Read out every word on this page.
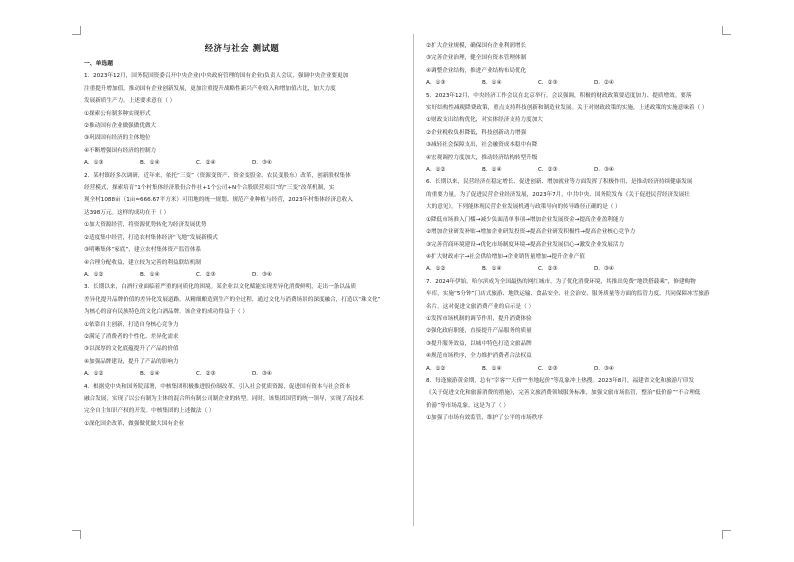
经济与社会 测试题
一、单选题
1．2023年12月，国务院国资委召开中央企业(中央政府管理的国有企业)负责人会议，强调中央企业要更加
注重提升增加值，推动国有企业创新发展，更加注重提升战略性新兴产业收入和增加值占比，加大力度
发展新质生产力。上述要求意在（ ）
①探索公有制多种实现形式
②推动国有企业做强做优做大
③巩固国有经济的主体地位
④不断增强国有经济的控制力
A．①③	B．①④	C．②④	D．③④
2．某村镇经多次调研，近年来，依托“三变”（资源变资产、资金变股金、农民变股东）改革，创新股权集体
经营模式，探索培育“1个村集体经济股份合作社+1个公司+N个合股联营项目”的“三变”改革机制，实
现全村1088亩（1亩≈666.67平方米）可用地的统一规划、规范产业种植与经营，2023年村集体经济总收入
达398万元。这样的成功在于（ ）
①加大资源经营，将资源优势转化为经济发展优势
②适度集中经营，打造农村集体经济“飞地”发展新模式
③明晰集体“家底”，建立农村集体资产监管体系
④合理分配收益，建立较为完善的利益联结机制
A．①②	B．①④	C．②③	D．③④
3．长期以来，白酒行业面临着严重的同质化的困境。某企业以文化赋能实现差异化消费鲜明，走出一条以品质
差异化提升品牌价值的差异化发展道路。从精细酿造到生产的全过程，通过文化与消费场景的深度融合，打造以“珠文化”
为核心的富有民族特色的文化白酒品牌。该企业的成功得益于（ ）
①依靠自主创新，打造自身核心竞争力
②满足了消费者的个性化、差异化需求
③以深厚的文化底蕴提升了产品的价值
④加强品牌建设，提升了产品的影响力
A．①②	B．①④	C．②③	D．③④
4．根据党中央和国务院部署，中核集团积极推进股份制改革，引入社会优质资源，促进国有资本与社会资本
融合发展，实现了以公有制为主体的混合所有制公司制企业的转型。同时，该集团国营的统一领导，实现了高技术
完全自主知识产权的开发。中核集团的上述做法（ ）
①深化国企改革，做强做优做大国有企业
②扩大企业规模，确保国有企业利润增长
③完善企业治理，健全国有资本管理体制
④调整企业结构，推进产业结构布局优化
A．①③	B．①④	C．②③	D．②④
5．2023年12月，中央经济工作会议在北京举行。会议强调，积极的财政政策要适度加力、提质增效。要落
实好结构性减税降费政策，重点支持科技创新和制造业发展。关于对财政政策的实施，上述政策的实施意味着（ ）
①财政支出结构优化，对实体经济支持力度加大
②企业税收负担降低，科技创新动力增强
③减轻社会保障支出，社会融资成本稳中有降
④宏观调控力度加大，推动经济结构转型升级
A．①②	B．①④	C．②③	D．③④
6．长期以来，民营经济在稳定增长、促进创新、增加就业等方面发挥了积极作用，是推动经济持续健康发展
的重要力量。为了促进民营企业经济发展，2023年7月，中共中央、国务院发布《关于促进民营经济发展壮
大的意见》。下列能体现民营企业发展机遇与政策导向的传导路径正确的是（ ）
①降低市场准入门槛→减少负面清单事项→增加企业发展资金→提高企业盈利能力
②增加企业研发补贴→增加企业研发投资→提高企业研发积极性→提高企业核心竞争力
③完善营商环境建设→优化市场制度环境→提高企业发展信心→激发企业发展活力
④扩大财政赤字→社会供给增加→企业销售量增加→提升企业产值
A．①②	B．①④	C．②③	D．③④
7．2024年伊始，哈尔滨成为全国最热的网红城市，为了优化消费环境，其推出免费“地铁搭载乘”，修建购物
车库，实施“5分钟”门店式旅游、地铁运输、食品安全、社会治安、服务质量等方面的监管力度，共同保障冰雪旅游
名片。这对促进文旅消费产业的启示是（ ）
①发挥市场机制的调节作用，提升消费体验
②强化政府职能，直接提升产品服务的质量
③提升服务效益，以城中特色打造文旅品牌
④规范市场秩序，全力维护消费者合法权益
A．①②	B．①④	C．②③	D．③④
8．每逢旅游黄金期，总有“宰客”“天价”“坐地起价”等乱象冲上热搜。2023年8月，福建省文化和旅游厅印发
《关于促进文化和旅游消费的措施》，完善文旅消费领域服务标准，加强文旅市场监管，整治“低价游”“不合理低
价游”等市场乱象。这是为了（ ）
①加强了市场有效监管，维护了公平的市场秩序
